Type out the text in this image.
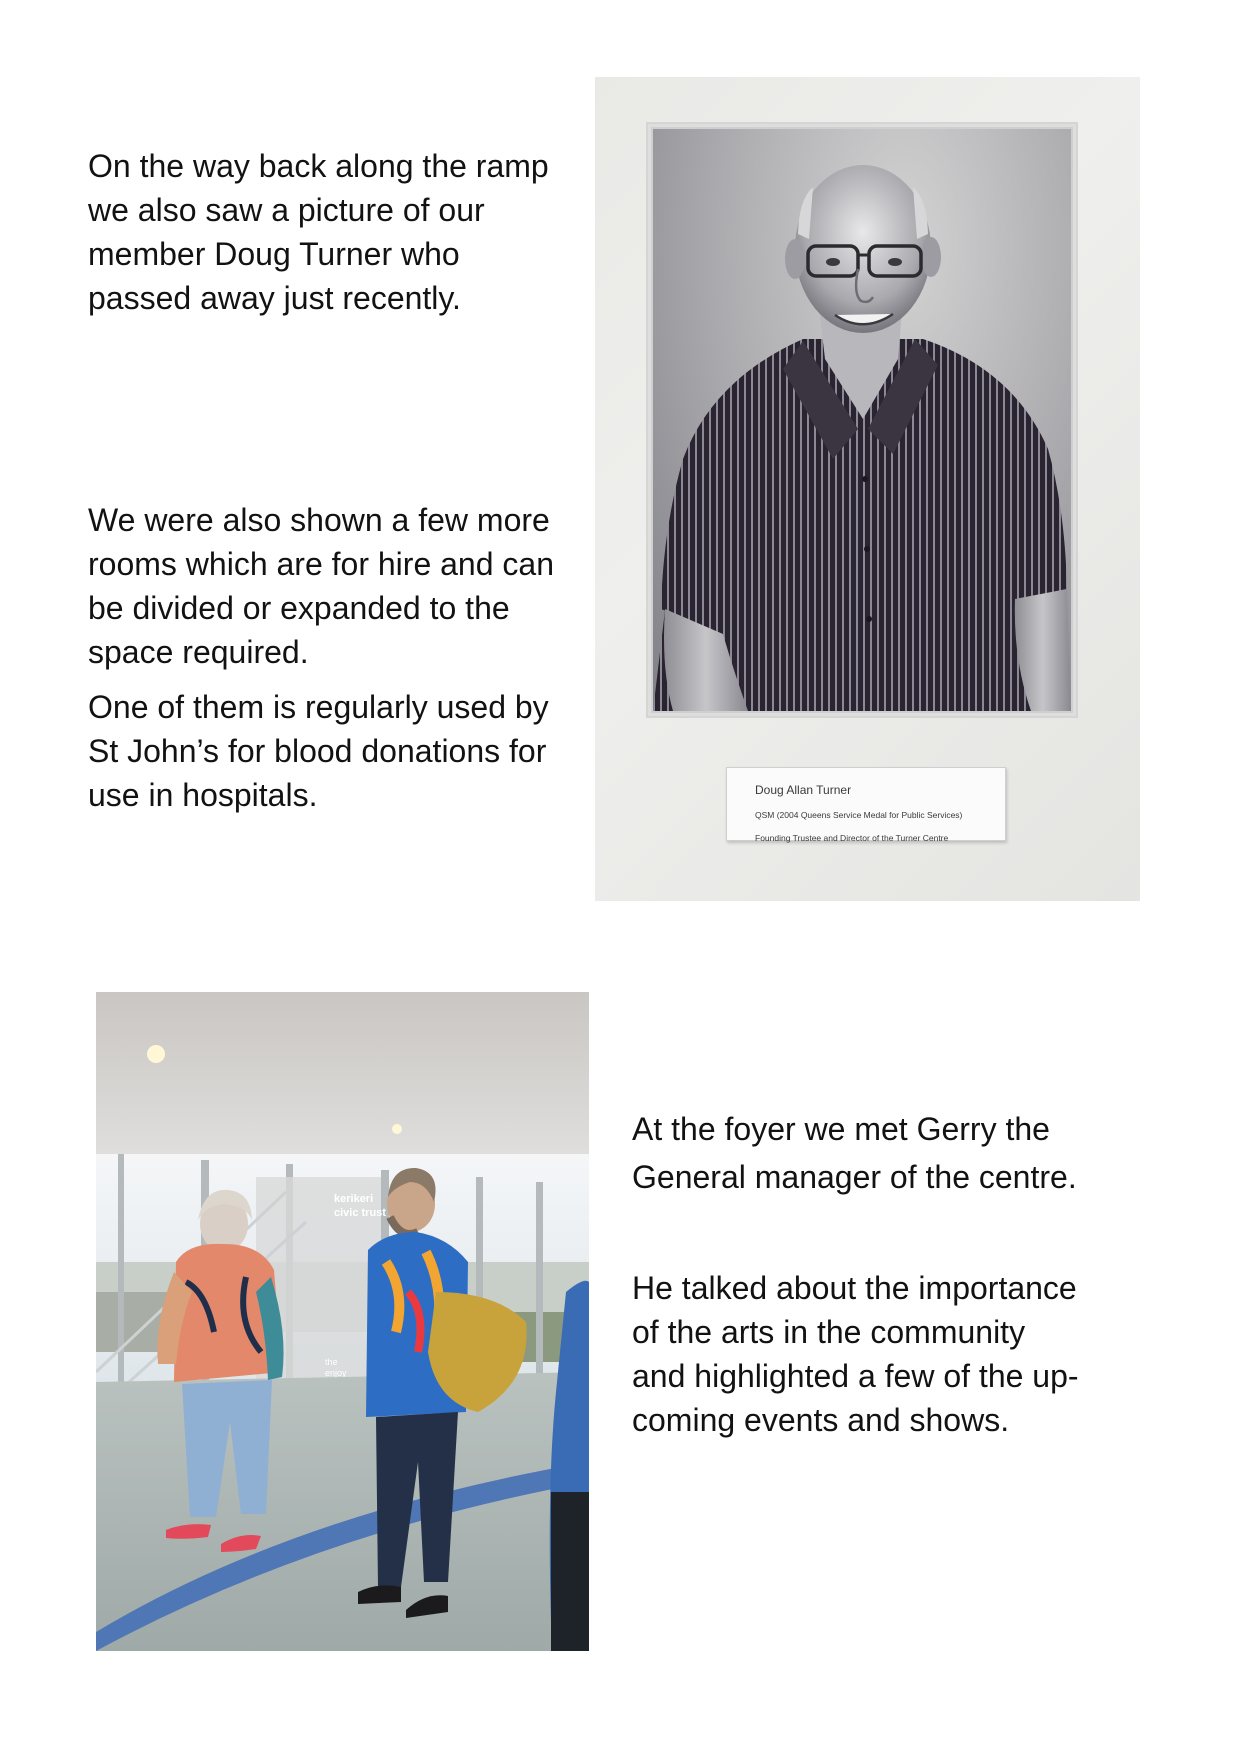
On the way back along the ramp
we also saw a picture of our
member Doug Turner who
passed away just recently.

We were also shown a few more
rooms which are for hire and can
be divided or expanded to the
space required.

One of them is regularly used by
St John’s for blood donations for
use in hospitals.	Doug Allan Turner
QSM (2004 Queens Service Medal for Public Services)
Founding Trustee and Director of the Turner Centre
kerikeri
civic trust
the
enjoy
At the foyer we met Gerry the
General manager of the centre.
He talked about the importance
of the arts in the community
and highlighted a few of the up-
coming events and shows.
